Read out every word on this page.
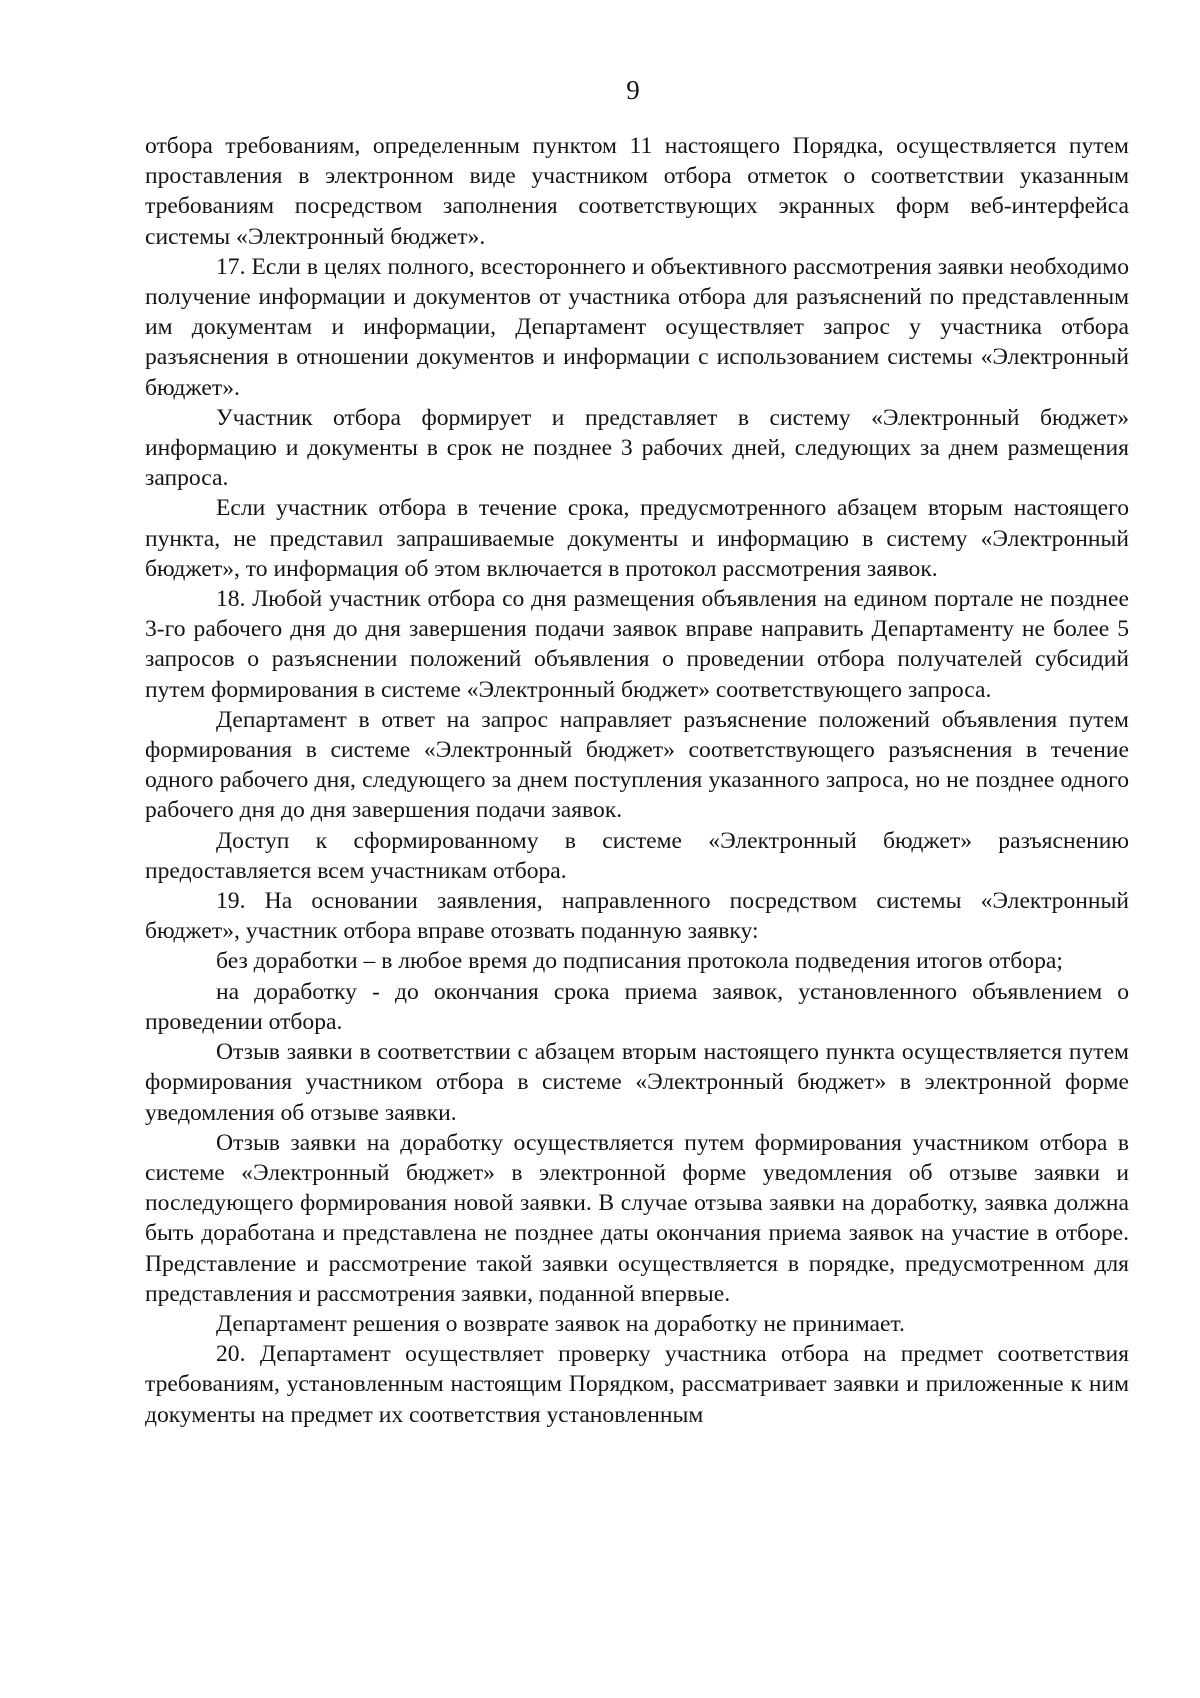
9

отбора требованиям, определенным пунктом 11 настоящего Порядка, осуществляется путем проставления в электронном виде участником отбора отметок о соответствии указанным требованиям посредством заполнения соответствующих экранных форм веб-интерфейса системы «Электронный бюджет».

17. Если в целях полного, всестороннего и объективного рассмотрения заявки необходимо получение информации и документов от участника отбора для разъяснений по представленным им документам и информации, Департамент осуществляет запрос у участника отбора разъяснения в отношении документов и информации с использованием системы «Электронный бюджет».

Участник отбора формирует и представляет в систему «Электронный бюджет» информацию и документы в срок не позднее 3 рабочих дней, следующих за днем размещения запроса.

Если участник отбора в течение срока, предусмотренного абзацем вторым настоящего пункта, не представил запрашиваемые документы и информацию в систему «Электронный бюджет», то информация об этом включается в протокол рассмотрения заявок.

18. Любой участник отбора со дня размещения объявления на едином портале не позднее 3-го рабочего дня до дня завершения подачи заявок вправе направить Департаменту не более 5 запросов о разъяснении положений объявления о проведении отбора получателей субсидий путем формирования в системе «Электронный бюджет» соответствующего запроса.

Департамент в ответ на запрос направляет разъяснение положений объявления путем формирования в системе «Электронный бюджет» соответствующего разъяснения в течение одного рабочего дня, следующего за днем поступления указанного запроса, но не позднее одного рабочего дня до дня завершения подачи заявок.

Доступ к сформированному в системе «Электронный бюджет» разъяснению предоставляется всем участникам отбора.

19. На основании заявления, направленного посредством системы «Электронный бюджет», участник отбора вправе отозвать поданную заявку:

без доработки – в любое время до подписания протокола подведения итогов отбора;

на доработку - до окончания срока приема заявок, установленного объявлением о проведении отбора.

Отзыв заявки в соответствии с абзацем вторым настоящего пункта осуществляется путем формирования участником отбора в системе «Электронный бюджет» в электронной форме уведомления об отзыве заявки.

Отзыв заявки на доработку осуществляется путем формирования участником отбора в системе «Электронный бюджет» в электронной форме уведомления об отзыве заявки и последующего формирования новой заявки. В случае отзыва заявки на доработку, заявка должна быть доработана и представлена не позднее даты окончания приема заявок на участие в отборе. Представление и рассмотрение такой заявки осуществляется в порядке, предусмотренном для представления и рассмотрения заявки, поданной впервые.

Департамент решения о возврате заявок на доработку не принимает.

20. Департамент осуществляет проверку участника отбора на предмет соответствия требованиям, установленным настоящим Порядком, рассматривает заявки и приложенные к ним документы на предмет их соответствия установленным
